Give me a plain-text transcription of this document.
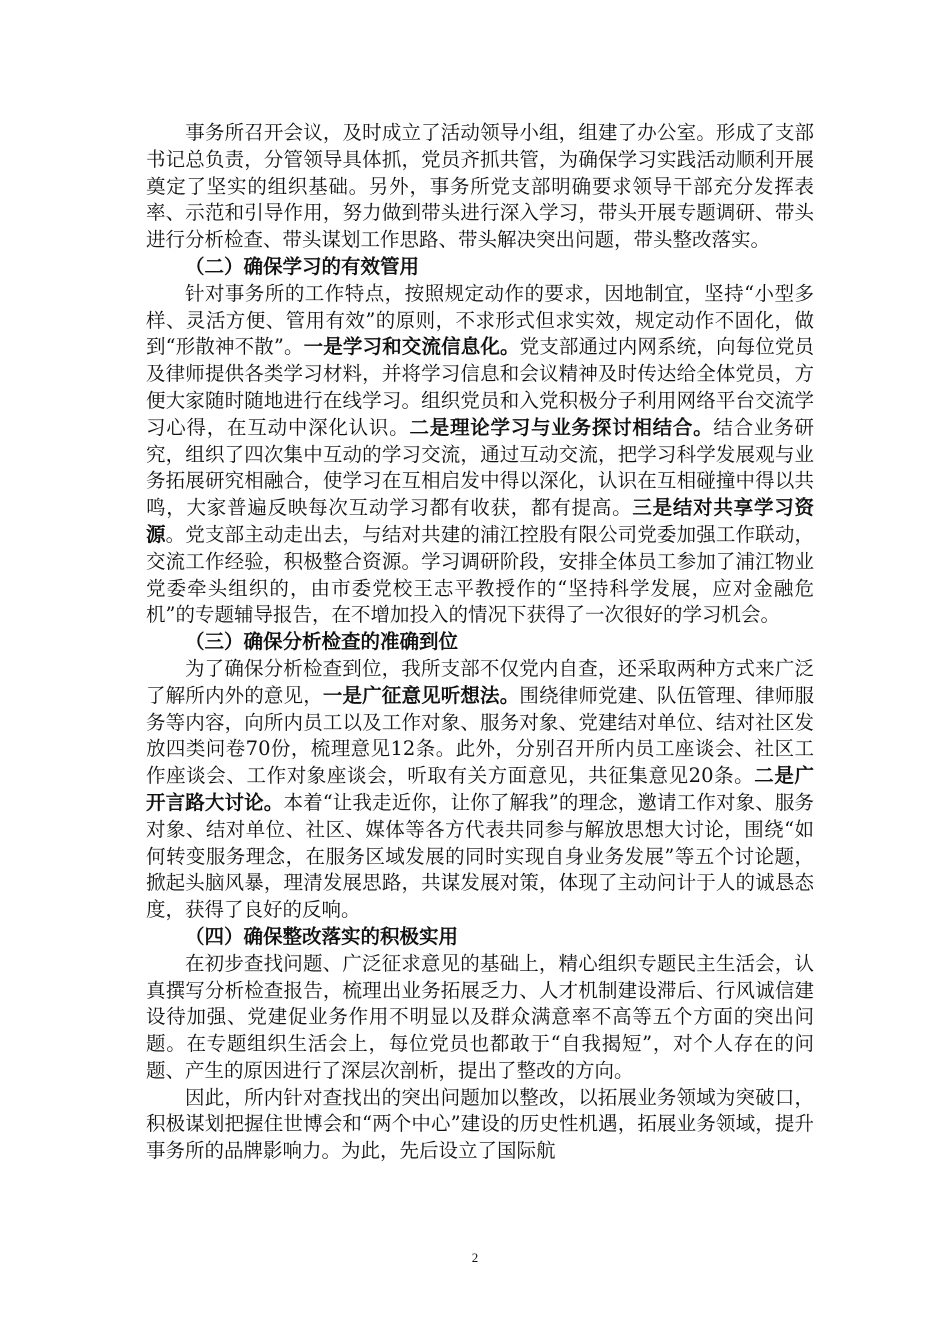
　　事务所召开会议，及时成立了活动领导小组，组建了办公室。形成了支部书记总负责，分管领导具体抓，党员齐抓共管，为确保学习实践活动顺利开展奠定了坚实的组织基础。另外，事务所党支部明确要求领导干部充分发挥表率、示范和引导作用，努力做到带头进行深入学习，带头开展专题调研、带头进行分析检查、带头谋划工作思路、带头解决突出问题，带头整改落实。

（二）确保学习的有效管用

针对事务所的工作特点，按照规定动作的要求，因地制宜，坚持“小型多样、灵活方便、管用有效”的原则，不求形式但求实效，规定动作不固化，做到“形散神不散”。一是学习和交流信息化。党支部通过内网系统，向每位党员及律师提供各类学习材料，并将学习信息和会议精神及时传达给全体党员，方便大家随时随地进行在线学习。组织党员和入党积极分子利用网络平台交流学习心得，在互动中深化认识。二是理论学习与业务探讨相结合。结合业务研究，组织了四次集中互动的学习交流，通过互动交流，把学习科学发展观与业务拓展研究相融合，使学习在互相启发中得以深化，认识在互相碰撞中得以共鸣，大家普遍反映每次互动学习都有收获，都有提高。三是结对共享学习资源。党支部主动走出去，与结对共建的浦江控股有限公司党委加强工作联动，交流工作经验，积极整合资源。学习调研阶段，安排全体员工参加了浦江物业党委牵头组织的，由市委党校王志平教授作的“坚持科学发展，应对金融危机”的专题辅导报告，在不增加投入的情况下获得了一次很好的学习机会。

（三）确保分析检查的准确到位

为了确保分析检查到位，我所支部不仅党内自查，还采取两种方式来广泛了解所内外的意见，一是广征意见听想法。围绕律师党建、队伍管理、律师服务等内容，向所内员工以及工作对象、服务对象、党建结对单位、结对社区发放四类问卷70份，梳理意见12条。此外，分别召开所内员工座谈会、社区工作座谈会、工作对象座谈会，听取有关方面意见，共征集意见20条。二是广开言路大讨论。本着“让我走近你，让你了解我”的理念，邀请工作对象、服务对象、结对单位、社区、媒体等各方代表共同参与解放思想大讨论，围绕“如何转变服务理念，在服务区域发展的同时实现自身业务发展”等五个讨论题，掀起头脑风暴，理清发展思路，共谋发展对策，体现了主动问计于人的诚恳态度，获得了良好的反响。

（四）确保整改落实的积极实用

在初步查找问题、广泛征求意见的基础上，精心组织专题民主生活会，认真撰写分析检查报告，梳理出业务拓展乏力、人才机制建设滞后、行风诚信建设待加强、党建促业务作用不明显以及群众满意率不高等五个方面的突出问题。在专题组织生活会上，每位党员也都敢于“自我揭短”，对个人存在的问题、产生的原因进行了深层次剖析，提出了整改的方向。

因此，所内针对查找出的突出问题加以整改，以拓展业务领域为突破口，积极谋划把握住世博会和“两个中心”建设的历史性机遇，拓展业务领域，提升事务所的品牌影响力。为此，先后设立了国际航

2
